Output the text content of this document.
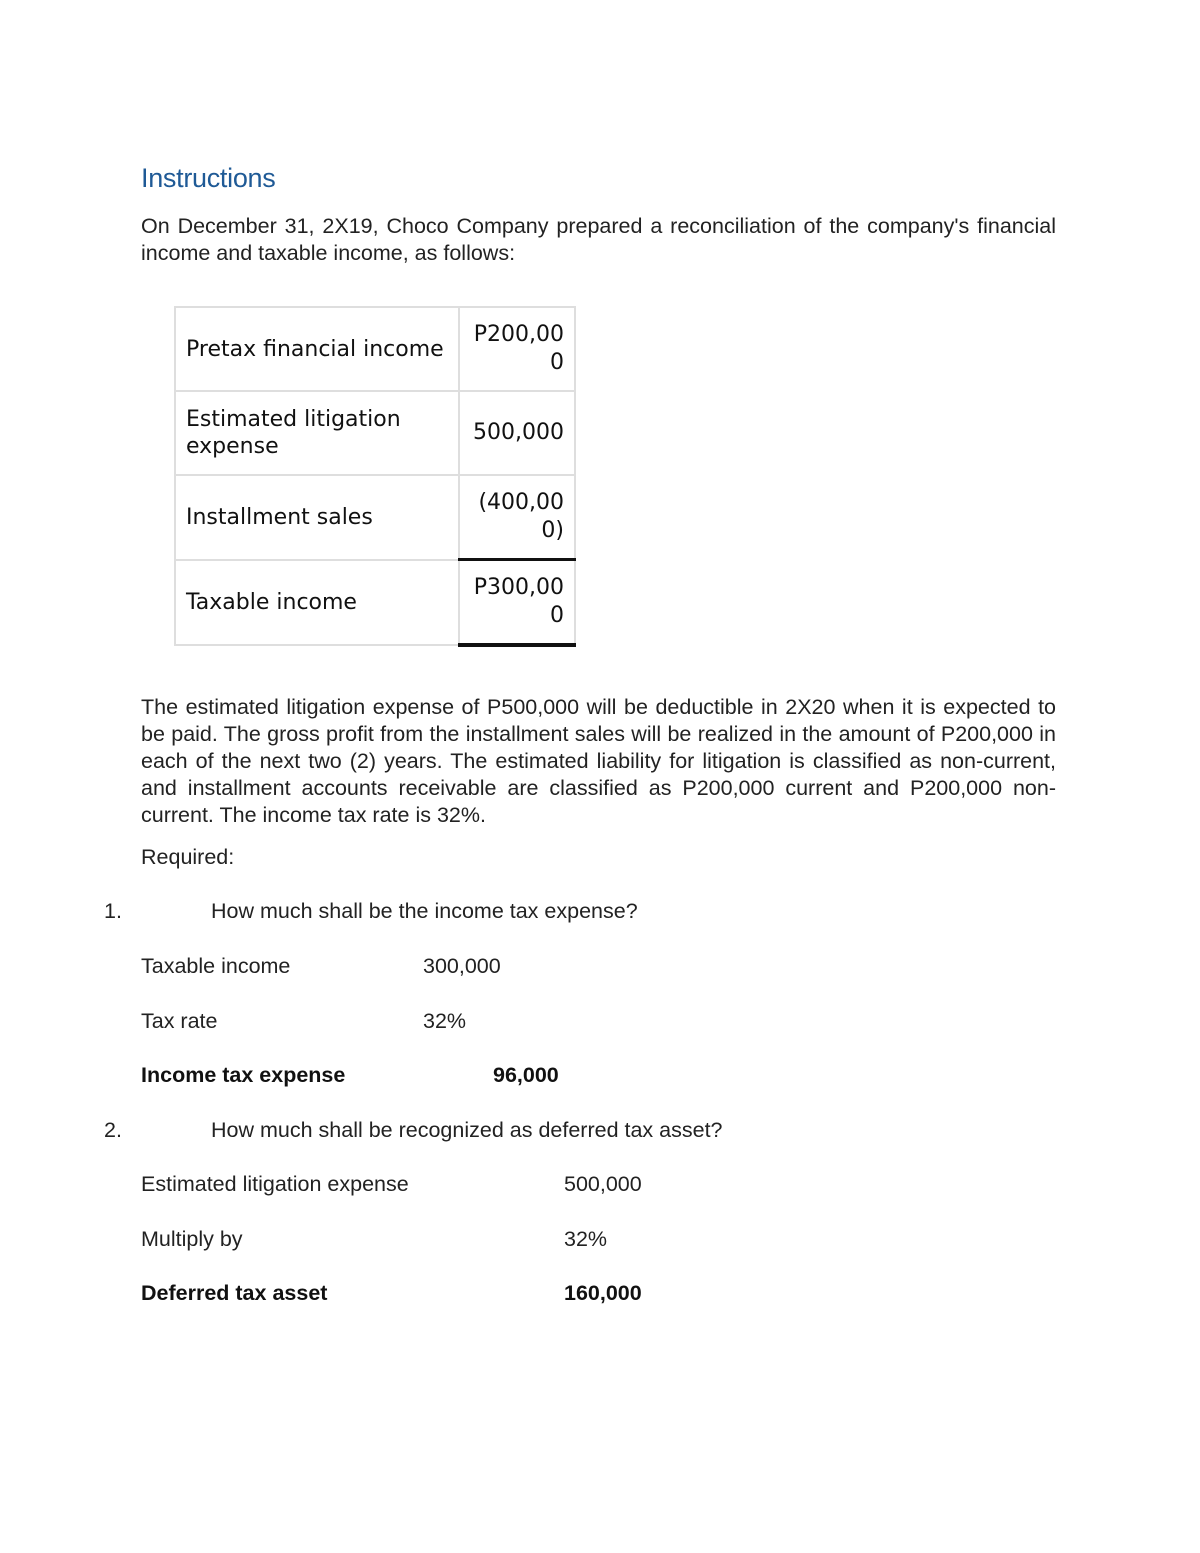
Instructions
On December 31, 2X19, Choco Company prepared a reconciliation of the company's financial income and taxable income, as follows:
Pretax financial income	P200,000
Estimated litigation expense	500,000
Installment sales	(400,000)
Taxable income	P300,000
The estimated litigation expense of P500,000 will be deductible in 2X20 when it is expected to be paid. The gross profit from the installment sales will be realized in the amount of P200,000 in each of the next two (2) years. The estimated liability for litigation is classified as non-current, and installment accounts receivable are classified as P200,000 current and P200,000 non-current. The income tax rate is 32%.
Required:
1.	How much shall be the income tax expense?
Taxable income	300,000
Tax rate	32%
Income tax expense	96,000
2.	How much shall be recognized as deferred tax asset?
Estimated litigation expense	500,000
Multiply by	32%
Deferred tax asset	160,000
